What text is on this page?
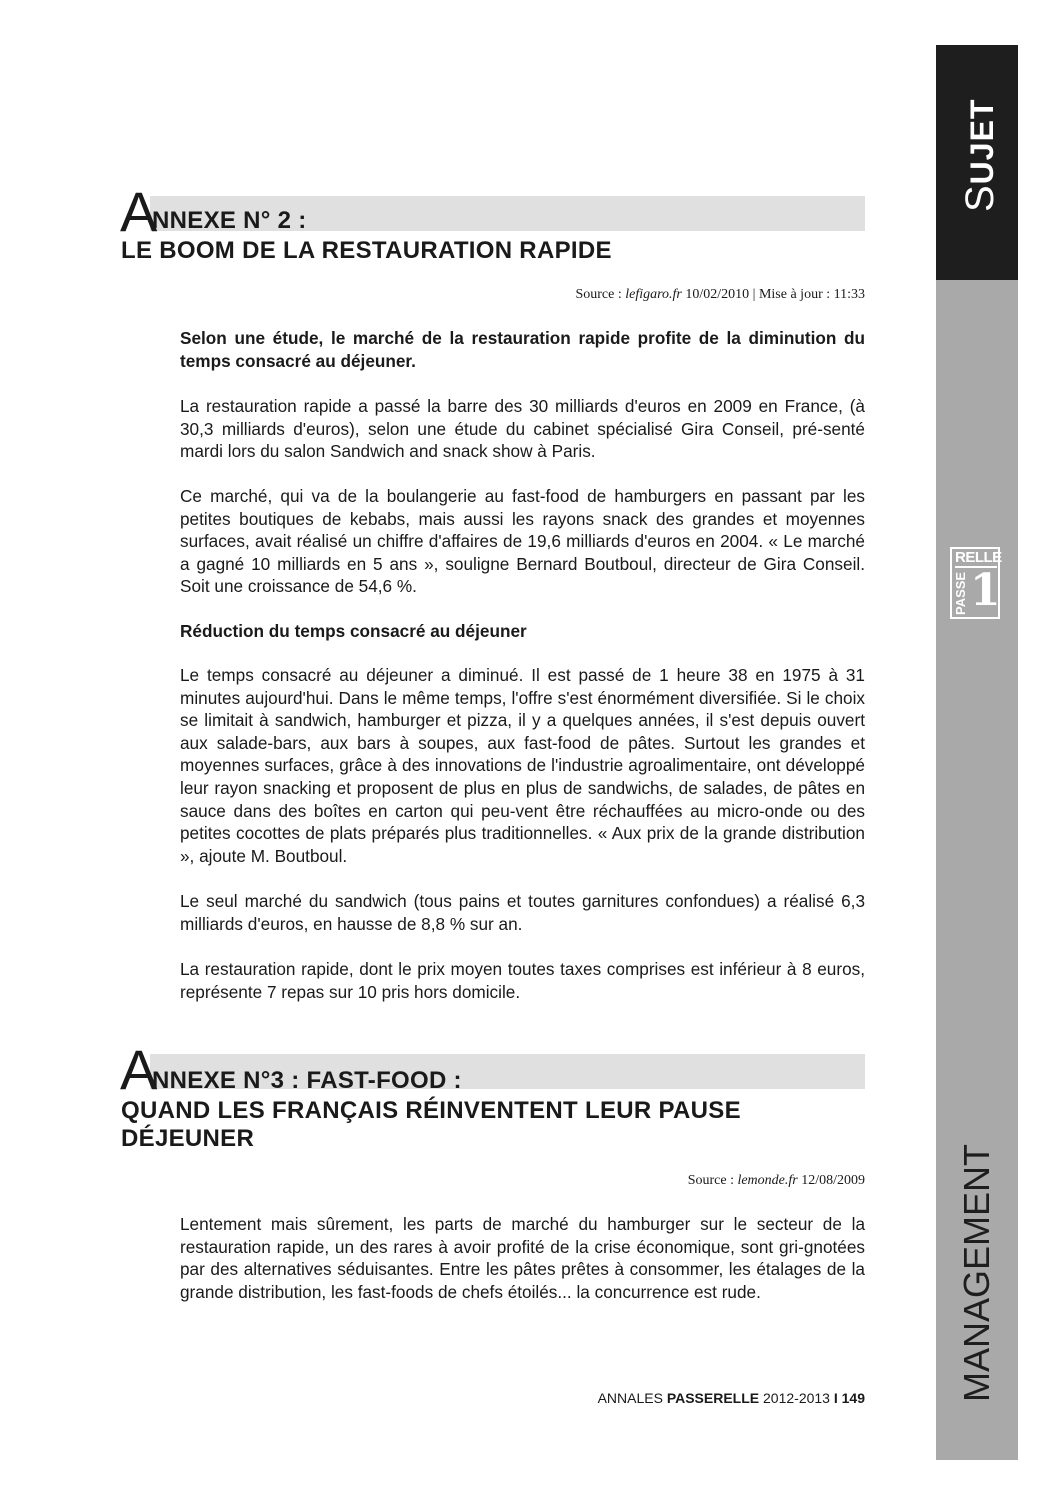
SUJET
RELLE
PASSE 1
MANAGEMENT
A
NNEXE N° 2 :
LE BOOM DE LA RESTAURATION RAPIDE
Source : lefigaro.fr 10/02/2010 | Mise à jour : 11:33

Selon une étude, le marché de la restauration rapide profite de la diminution du temps consacré au déjeuner.

La restauration rapide a passé la barre des 30 milliards d'euros en 2009 en France, (à 30,3 milliards d'euros), selon une étude du cabinet spécialisé Gira Conseil, pré-senté mardi lors du salon Sandwich and snack show à Paris.

Ce marché, qui va de la boulangerie au fast-food de hamburgers en passant par les petites boutiques de kebabs, mais aussi les rayons snack des grandes et moyennes surfaces, avait réalisé un chiffre d'affaires de 19,6 milliards d'euros en 2004. « Le marché a gagné 10 milliards en 5 ans », souligne Bernard Boutboul, directeur de Gira Conseil. Soit une croissance de 54,6 %.

Réduction du temps consacré au déjeuner

Le temps consacré au déjeuner a diminué. Il est passé de 1 heure 38 en 1975 à 31 minutes aujourd'hui. Dans le même temps, l'offre s'est énormément diversifiée. Si le choix se limitait à sandwich, hamburger et pizza, il y a quelques années, il s'est depuis ouvert aux salade-bars, aux bars à soupes, aux fast-food de pâtes. Surtout les grandes et moyennes surfaces, grâce à des innovations de l'industrie agroalimentaire, ont développé leur rayon snacking et proposent de plus en plus de sandwichs, de salades, de pâtes en sauce dans des boîtes en carton qui peu-vent être réchauffées au micro-onde ou des petites cocottes de plats préparés plus traditionnelles. « Aux prix de la grande distribution », ajoute M. Boutboul.

Le seul marché du sandwich (tous pains et toutes garnitures confondues) a réalisé 6,3 milliards d'euros, en hausse de 8,8 % sur an.

La restauration rapide, dont le prix moyen toutes taxes comprises est inférieur à 8 euros, représente 7 repas sur 10 pris hors domicile.

A
NNEXE N°3 : FAST-FOOD :
QUAND LES FRANÇAIS RÉINVENTENT LEUR PAUSE
DÉJEUNER
Source : lemonde.fr 12/08/2009

Lentement mais sûrement, les parts de marché du hamburger sur le secteur de la restauration rapide, un des rares à avoir profité de la crise économique, sont gri-gnotées par des alternatives séduisantes. Entre les pâtes prêtes à consommer, les étalages de la grande distribution, les fast-foods de chefs étoilés... la concurrence est rude.

ANNALES PASSERELLE 2012-2013 I 149
